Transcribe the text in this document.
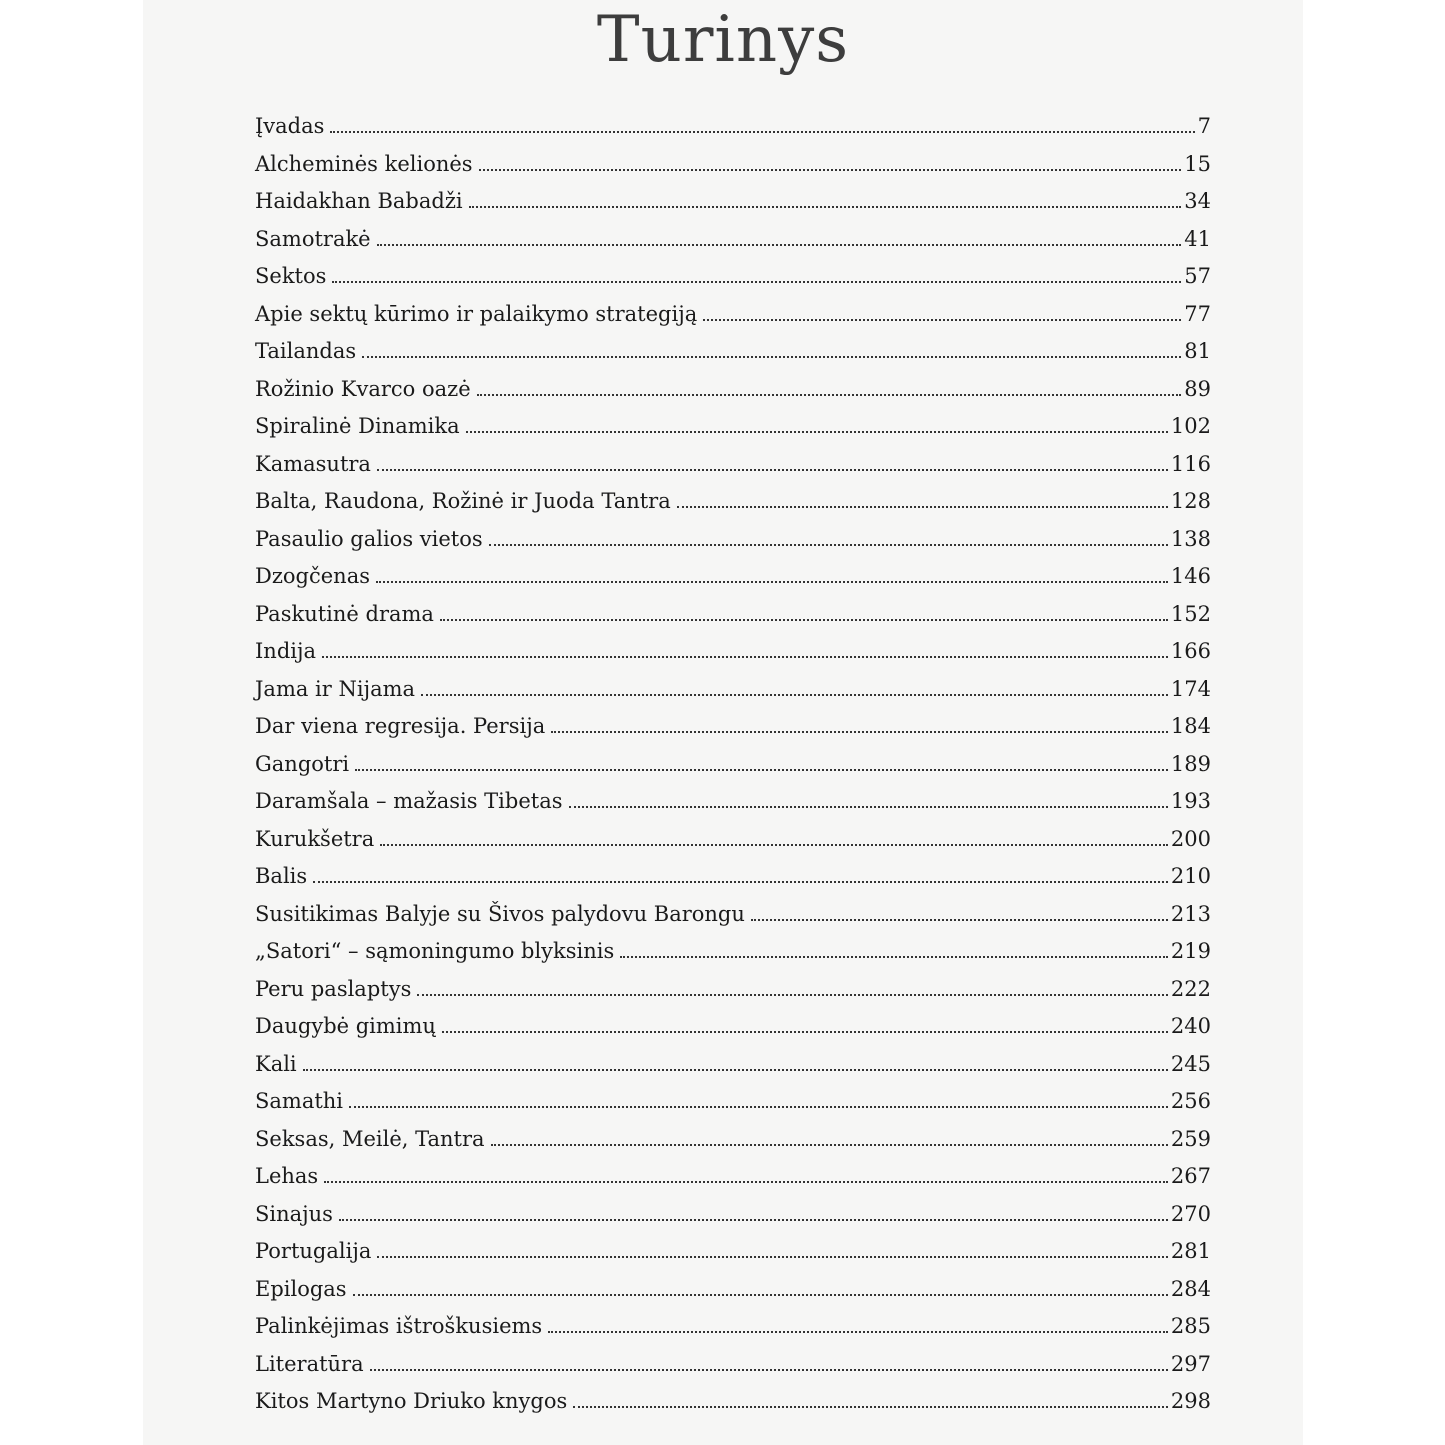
Turinys
Įvadas	7
Alcheminės kelionės	15
Haidakhan Babadži	34
Samotrakė	41
Sektos	57
Apie sektų kūrimo ir palaikymo strategiją	77
Tailandas	81
Rožinio Kvarco oazė	89
Spiralinė Dinamika	102
Kamasutra	116
Balta, Raudona, Rožinė ir Juoda Tantra	128
Pasaulio galios vietos	138
Dzogčenas	146
Paskutinė drama	152
Indija	166
Jama ir Nijama	174
Dar viena regresija. Persija	184
Gangotri	189
Daramšala – mažasis Tibetas	193
Kurukšetra	200
Balis	210
Susitikimas Balyje su Šivos palydovu Barongu	213
„Satori“ – sąmoningumo blyksinis	219
Peru paslaptys	222
Daugybė gimimų	240
Kali	245
Samathi	256
Seksas, Meilė, Tantra	259
Lehas	267
Sinajus	270
Portugalija	281
Epilogas	284
Palinkėjimas ištroškusiems	285
Literatūra	297
Kitos Martyno Driuko knygos	298
